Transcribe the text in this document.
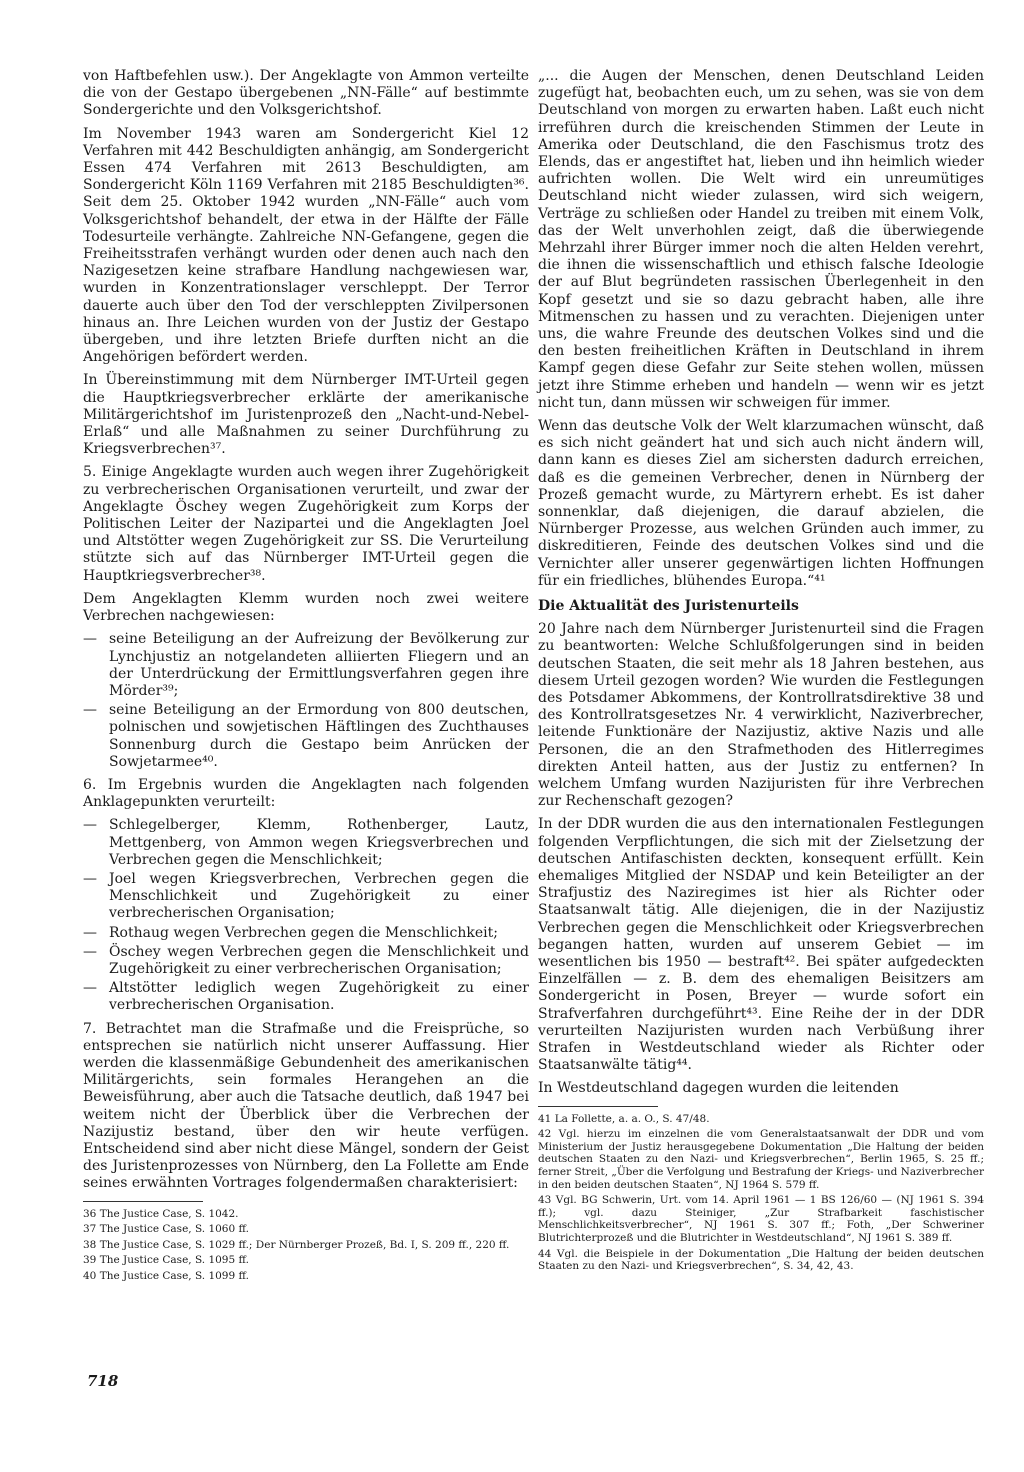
von Haftbefehlen usw.). Der Angeklagte von Ammon verteilte die von der Gestapo übergebenen „NN-Fälle“ auf bestimmte Sondergerichte und den Volksgerichtshof.

Im November 1943 waren am Sondergericht Kiel 12 Verfahren mit 442 Beschuldigten anhängig, am Sondergericht Essen 474 Verfahren mit 2613 Beschuldigten, am Sondergericht Köln 1169 Verfahren mit 2185 Beschuldigten³⁶. Seit dem 25. Oktober 1942 wurden „NN-Fälle“ auch vom Volksgerichtshof behandelt, der etwa in der Hälfte der Fälle Todesurteile verhängte. Zahlreiche NN-Gefangene, gegen die Freiheitsstrafen verhängt wurden oder denen auch nach den Nazigesetzen keine strafbare Handlung nachgewiesen war, wurden in Konzentrationslager verschleppt. Der Terror dauerte auch über den Tod der verschleppten Zivilpersonen hinaus an. Ihre Leichen wurden von der Justiz der Gestapo übergeben, und ihre letzten Briefe durften nicht an die Angehörigen befördert werden.

In Übereinstimmung mit dem Nürnberger IMT-Urteil gegen die Hauptkriegsverbrecher erklärte der amerikanische Militärgerichtshof im Juristenprozeß den „Nacht-und-Nebel-Erlaß“ und alle Maßnahmen zu seiner Durchführung zu Kriegsverbrechen³⁷.

5. Einige Angeklagte wurden auch wegen ihrer Zugehörigkeit zu verbrecherischen Organisationen verurteilt, und zwar der Angeklagte Öschey wegen Zugehörigkeit zum Korps der Politischen Leiter der Nazipartei und die Angeklagten Joel und Altstötter wegen Zugehörigkeit zur SS. Die Verurteilung stützte sich auf das Nürnberger IMT-Urteil gegen die Hauptkriegsverbrecher³⁸.

Dem Angeklagten Klemm wurden noch zwei weitere Verbrechen nachgewiesen:

— seine Beteiligung an der Aufreizung der Bevölkerung zur Lynchjustiz an notgelandeten alliierten Fliegern und an der Unterdrückung der Ermittlungsverfahren gegen ihre Mörder³⁹;
— seine Beteiligung an der Ermordung von 800 deutschen, polnischen und sowjetischen Häftlingen des Zuchthauses Sonnenburg durch die Gestapo beim Anrücken der Sowjetarmee⁴⁰.

6. Im Ergebnis wurden die Angeklagten nach folgenden Anklagepunkten verurteilt:

— Schlegelberger, Klemm, Rothenberger, Lautz, Mettgenberg, von Ammon wegen Kriegsverbrechen und Verbrechen gegen die Menschlichkeit;
— Joel wegen Kriegsverbrechen, Verbrechen gegen die Menschlichkeit und Zugehörigkeit zu einer verbrecherischen Organisation;
— Rothaug wegen Verbrechen gegen die Menschlichkeit;
— Öschey wegen Verbrechen gegen die Menschlichkeit und Zugehörigkeit zu einer verbrecherischen Organisation;
— Altstötter lediglich wegen Zugehörigkeit zu einer verbrecherischen Organisation.

7. Betrachtet man die Strafmaße und die Freisprüche, so entsprechen sie natürlich nicht unserer Auffassung. Hier werden die klassenmäßige Gebundenheit des amerikanischen Militärgerichts, sein formales Herangehen an die Beweisführung, aber auch die Tatsache deutlich, daß 1947 bei weitem nicht der Überblick über die Verbrechen der Nazijustiz bestand, über den wir heute verfügen. Entscheidend sind aber nicht diese Mängel, sondern der Geist des Juristenprozesses von Nürnberg, den La Follette am Ende seines erwähnten Vortrages folgendermaßen charakterisiert:

36 The Justice Case, S. 1042.

37 The Justice Case, S. 1060 ff.

38 The Justice Case, S. 1029 ff.; Der Nürnberger Prozeß, Bd. I, S. 209 ff., 220 ff.

39 The Justice Case, S. 1095 ff.

40 The Justice Case, S. 1099 ff.

„... die Augen der Menschen, denen Deutschland Leiden zugefügt hat, beobachten euch, um zu sehen, was sie von dem Deutschland von morgen zu erwarten haben. Laßt euch nicht irreführen durch die kreischenden Stimmen der Leute in Amerika oder Deutschland, die den Faschismus trotz des Elends, das er angestiftet hat, lieben und ihn heimlich wieder aufrichten wollen. Die Welt wird ein unreumütiges Deutschland nicht wieder zulassen, wird sich weigern, Verträge zu schließen oder Handel zu treiben mit einem Volk, das der Welt unverhohlen zeigt, daß die überwiegende Mehrzahl ihrer Bürger immer noch die alten Helden verehrt, die ihnen die wissenschaftlich und ethisch falsche Ideologie der auf Blut begründeten rassischen Überlegenheit in den Kopf gesetzt und sie so dazu gebracht haben, alle ihre Mitmenschen zu hassen und zu verachten. Diejenigen unter uns, die wahre Freunde des deutschen Volkes sind und die den besten freiheitlichen Kräften in Deutschland in ihrem Kampf gegen diese Gefahr zur Seite stehen wollen, müssen jetzt ihre Stimme erheben und handeln — wenn wir es jetzt nicht tun, dann müssen wir schweigen für immer.

Wenn das deutsche Volk der Welt klarzumachen wünscht, daß es sich nicht geändert hat und sich auch nicht ändern will, dann kann es dieses Ziel am sichersten dadurch erreichen, daß es die gemeinen Verbrecher, denen in Nürnberg der Prozeß gemacht wurde, zu Märtyrern erhebt. Es ist daher sonnenklar, daß diejenigen, die darauf abzielen, die Nürnberger Prozesse, aus welchen Gründen auch immer, zu diskreditieren, Feinde des deutschen Volkes sind und die Vernichter aller unserer gegenwärtigen lichten Hoffnungen für ein friedliches, blühendes Europa.“⁴¹

Die Aktualität des Juristenurteils

20 Jahre nach dem Nürnberger Juristenurteil sind die Fragen zu beantworten: Welche Schlußfolgerungen sind in beiden deutschen Staaten, die seit mehr als 18 Jahren bestehen, aus diesem Urteil gezogen worden? Wie wurden die Festlegungen des Potsdamer Abkommens, der Kontrollratsdirektive 38 und des Kontrollratsgesetzes Nr. 4 verwirklicht, Naziverbrecher, leitende Funktionäre der Nazijustiz, aktive Nazis und alle Personen, die an den Strafmethoden des Hitlerregimes direkten Anteil hatten, aus der Justiz zu entfernen? In welchem Umfang wurden Nazijuristen für ihre Verbrechen zur Rechenschaft gezogen?

In der DDR wurden die aus den internationalen Festlegungen folgenden Verpflichtungen, die sich mit der Zielsetzung der deutschen Antifaschisten deckten, konsequent erfüllt. Kein ehemaliges Mitglied der NSDAP und kein Beteiligter an der Strafjustiz des Naziregimes ist hier als Richter oder Staatsanwalt tätig. Alle diejenigen, die in der Nazijustiz Verbrechen gegen die Menschlichkeit oder Kriegsverbrechen begangen hatten, wurden auf unserem Gebiet — im wesentlichen bis 1950 — bestraft⁴². Bei später aufgedeckten Einzelfällen — z. B. dem des ehemaligen Beisitzers am Sondergericht in Posen, Breyer — wurde sofort ein Strafverfahren durchgeführt⁴³. Eine Reihe der in der DDR verurteilten Nazijuristen wurden nach Verbüßung ihrer Strafen in Westdeutschland wieder als Richter oder Staatsanwälte tätig⁴⁴.

In Westdeutschland dagegen wurden die leitenden

41 La Follette, a. a. O., S. 47/48.

42 Vgl. hierzu im einzelnen die vom Generalstaatsanwalt der DDR und vom Ministerium der Justiz herausgegebene Dokumentation „Die Haltung der beiden deutschen Staaten zu den Nazi- und Kriegsverbrechen“, Berlin 1965, S. 25 ff.; ferner Streit, „Über die Verfolgung und Bestrafung der Kriegs- und Naziverbrecher in den beiden deutschen Staaten“, NJ 1964 S. 579 ff.

43 Vgl. BG Schwerin, Urt. vom 14. April 1961 — 1 BS 126/60 — (NJ 1961 S. 394 ff.); vgl. dazu Steiniger, „Zur Strafbarkeit faschistischer Menschlichkeitsverbrecher“, NJ 1961 S. 307 ff.; Foth, „Der Schweriner Blutrichterprozeß und die Blutrichter in Westdeutschland“, NJ 1961 S. 389 ff.

44 Vgl. die Beispiele in der Dokumentation „Die Haltung der beiden deutschen Staaten zu den Nazi- und Kriegsverbrechen“, S. 34, 42, 43.

718
